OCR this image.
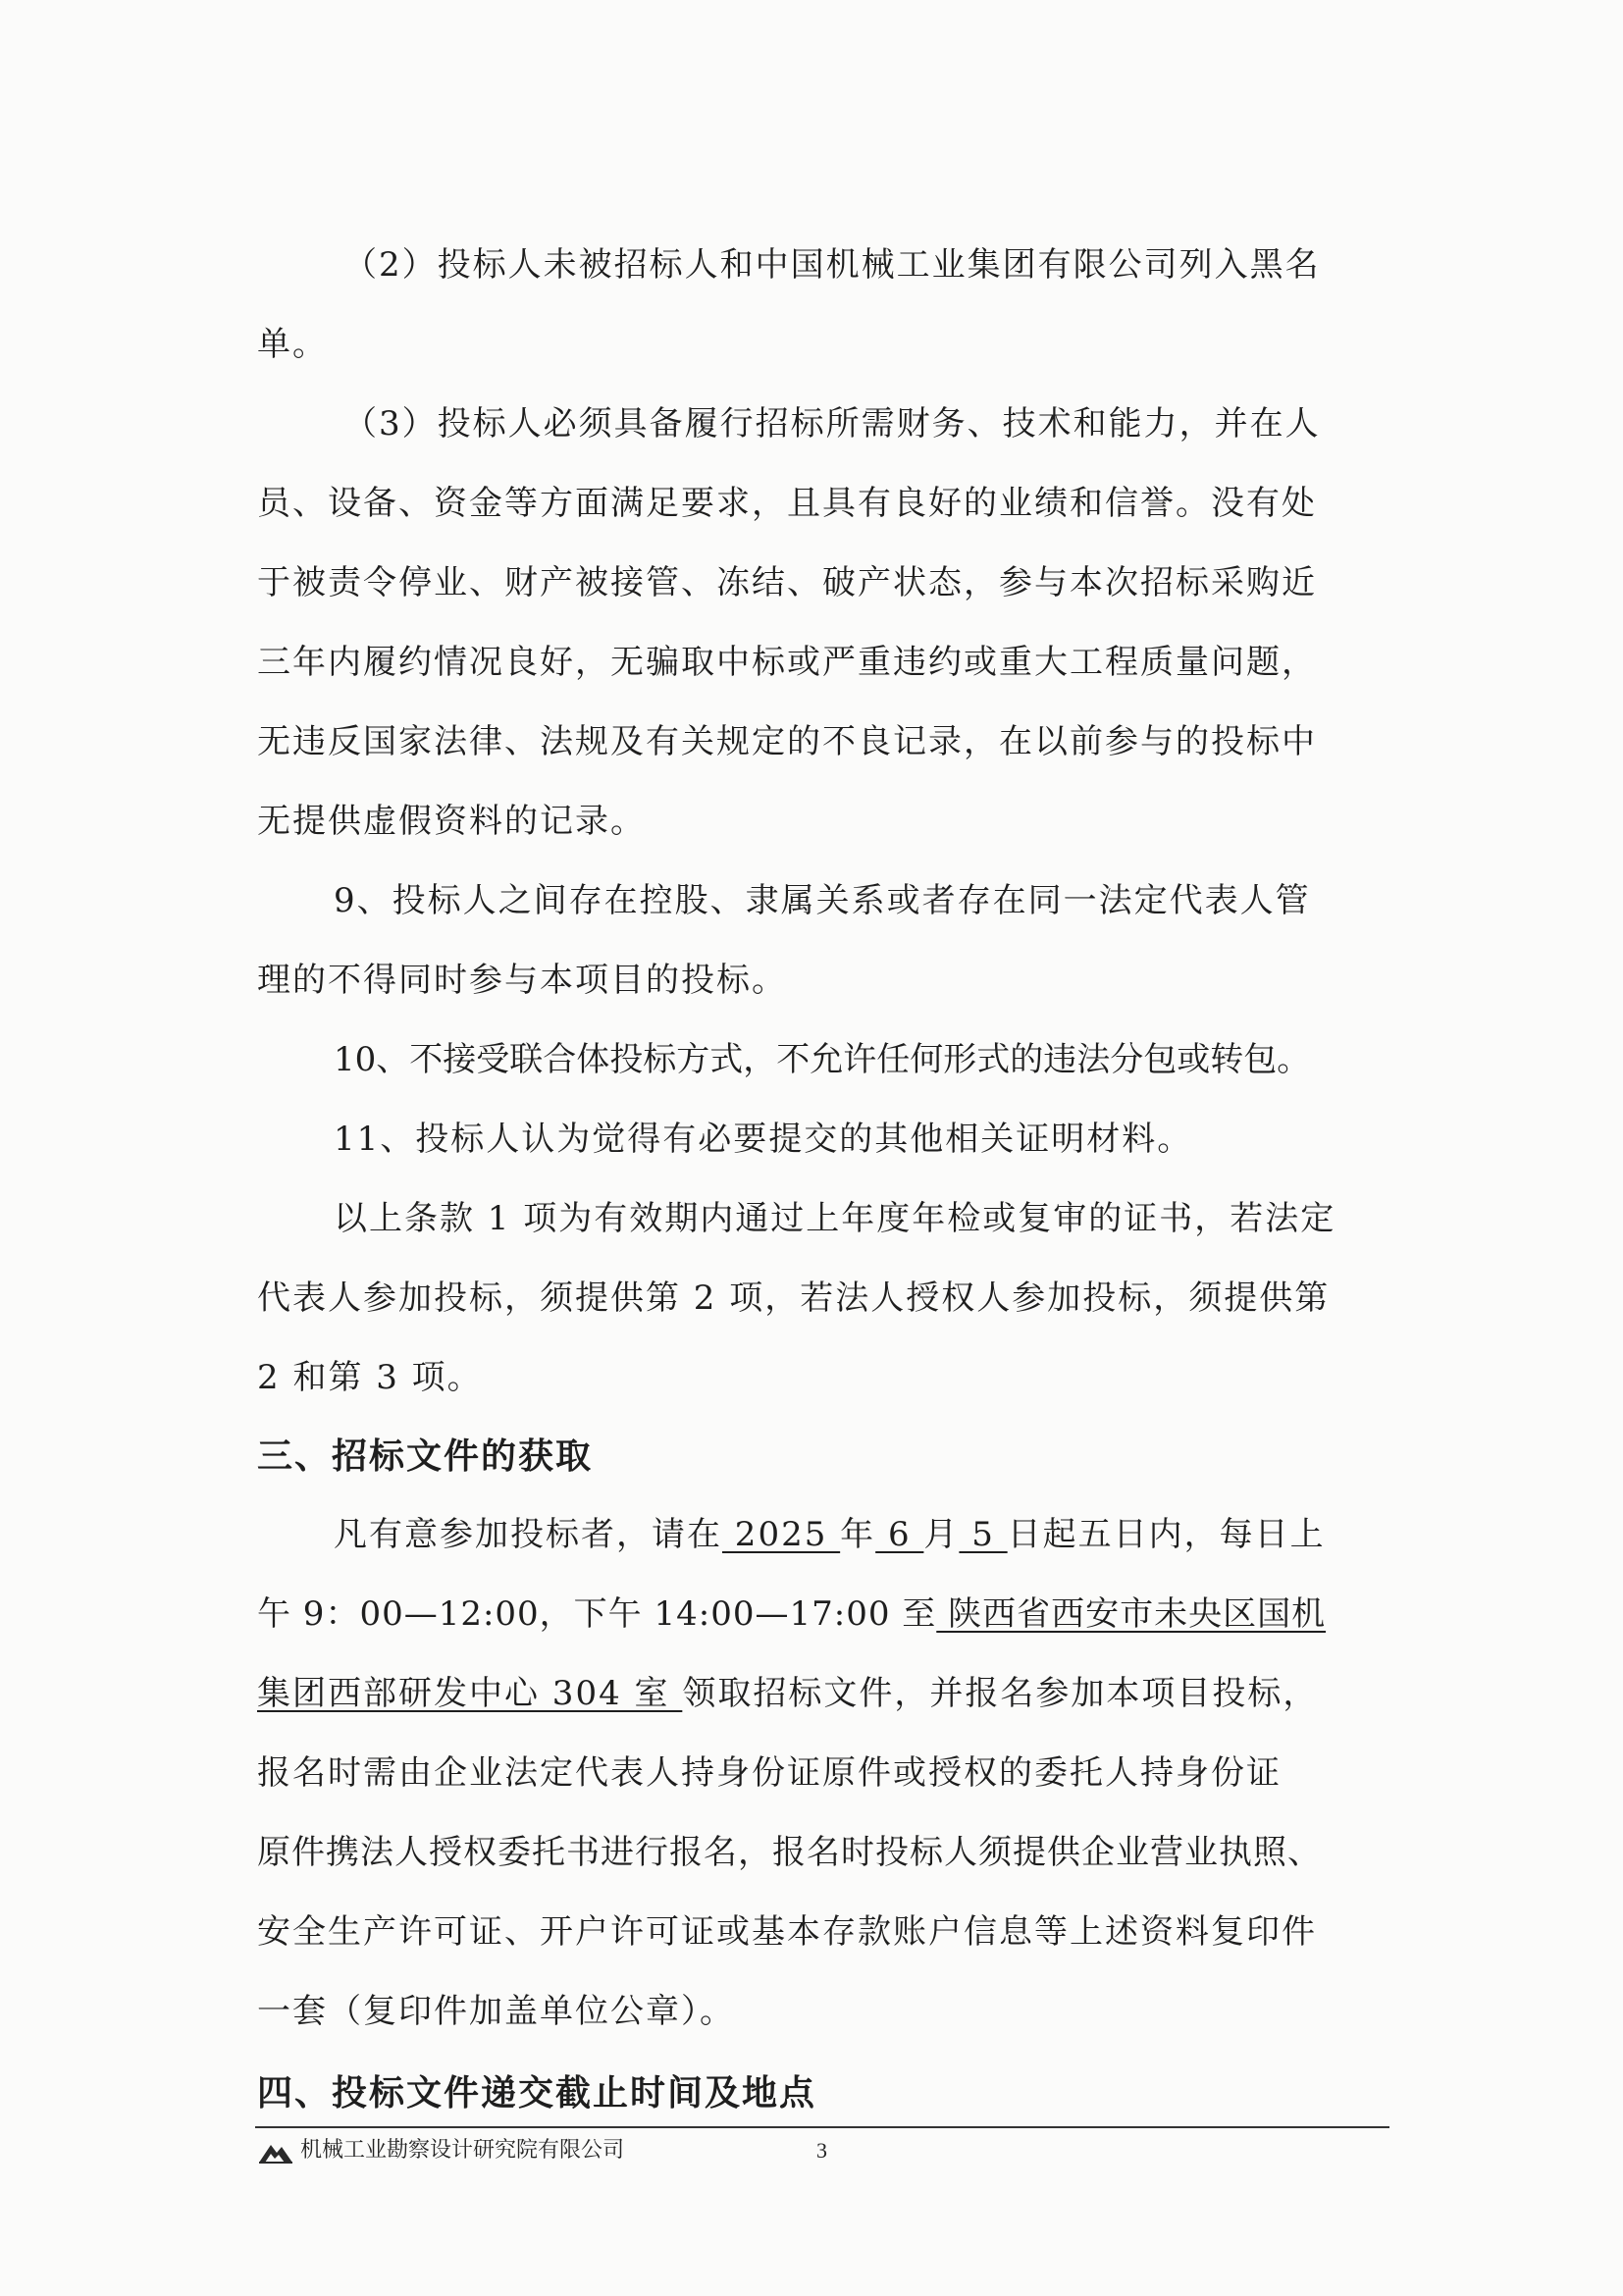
（2）投标人未被招标人和中国机械工业集团有限公司列入黑名
单。
（3）投标人必须具备履行招标所需财务、技术和能力，并在人
员、设备、资金等方面满足要求，且具有良好的业绩和信誉。没有处
于被责令停业、财产被接管、冻结、破产状态，参与本次招标采购近
三年内履约情况良好，无骗取中标或严重违约或重大工程质量问题，
无违反国家法律、法规及有关规定的不良记录，在以前参与的投标中
无提供虚假资料的记录。
9、投标人之间存在控股、隶属关系或者存在同一法定代表人管
理的不得同时参与本项目的投标。
10、不接受联合体投标方式，不允许任何形式的违法分包或转包。
11、投标人认为觉得有必要提交的其他相关证明材料。
以上条款 1 项为有效期内通过上年度年检或复审的证书，若法定
代表人参加投标，须提供第 2 项，若法人授权人参加投标，须提供第
2 和第 3 项。
三、招标文件的获取
凡有意参加投标者，请在 2025 年 6 月 5 日起五日内，每日上
午 9：00—12:00，下午 14:00—17:00 至 陕西省西安市未央区国机
集团西部研发中心 304 室 领取招标文件，并报名参加本项目投标，
报名时需由企业法定代表人持身份证原件或授权的委托人持身份证
原件携法人授权委托书进行报名，报名时投标人须提供企业营业执照、
安全生产许可证、开户许可证或基本存款账户信息等上述资料复印件
一套（复印件加盖单位公章）。
四、投标文件递交截止时间及地点
机械工业勘察设计研究院有限公司	3
